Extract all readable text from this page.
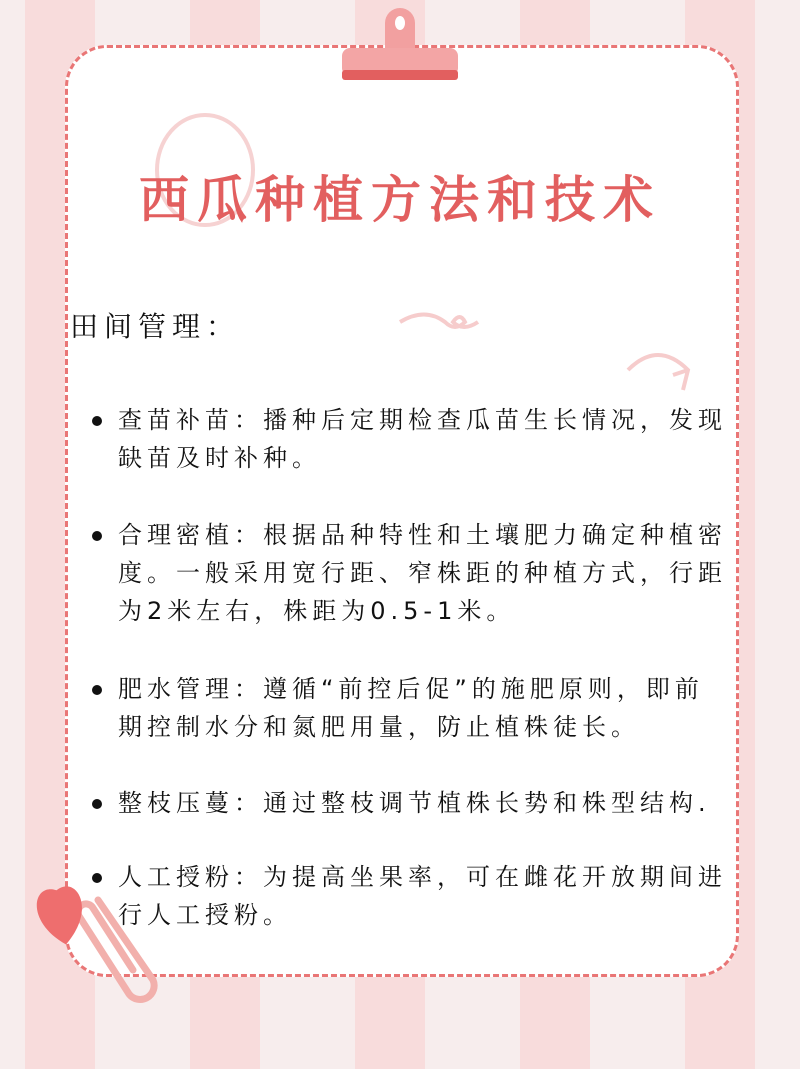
西瓜种植方法和技术
田间管理：
查苗补苗：播种后定期检查瓜苗生长情况，发现缺苗及时补种。
合理密植：根据品种特性和土壤肥力确定种植密度。一般采用宽行距、窄株距的种植方式，行距为2米左右，株距为0.5-1米。
肥水管理：遵循“前控后促”的施肥原则，即前期控制水分和氮肥用量，防止植株徒长。
整枝压蔓：通过整枝调节植株长势和株型结构.
人工授粉：为提高坐果率，可在雌花开放期间进行人工授粉。
